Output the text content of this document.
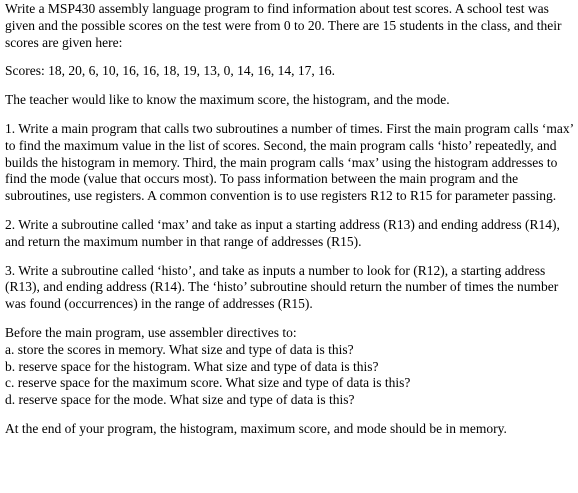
Write a MSP430 assembly language program to find information about test scores. A school test was given and the possible scores on the test were from 0 to 20. There are 15 students in the class, and their scores are given here:

Scores: 18, 20, 6, 10, 16, 16, 18, 19, 13, 0, 14, 16, 14, 17, 16.

The teacher would like to know the maximum score, the histogram, and the mode.

1. Write a main program that calls two subroutines a number of times. First the main program calls ‘max’ to find the maximum value in the list of scores. Second, the main program calls ‘histo’ repeatedly, and builds the histogram in memory. Third, the main program calls ‘max’ using the histogram addresses to find the mode (value that occurs most). To pass information between the main program and the subroutines, use registers. A common convention is to use registers R12 to R15 for parameter passing.

2. Write a subroutine called ‘max’ and take as input a starting address (R13) and ending address (R14), and return the maximum number in that range of addresses (R15).

3. Write a subroutine called ‘histo’, and take as inputs a number to look for (R12), a starting address (R13), and ending address (R14). The ‘histo’ subroutine should return the number of times the number was found (occurrences) in the range of addresses (R15).

Before the main program, use assembler directives to:
a. store the scores in memory. What size and type of data is this?
b. reserve space for the histogram. What size and type of data is this?
c. reserve space for the maximum score. What size and type of data is this?
d. reserve space for the mode. What size and type of data is this?

At the end of your program, the histogram, maximum score, and mode should be in memory.
